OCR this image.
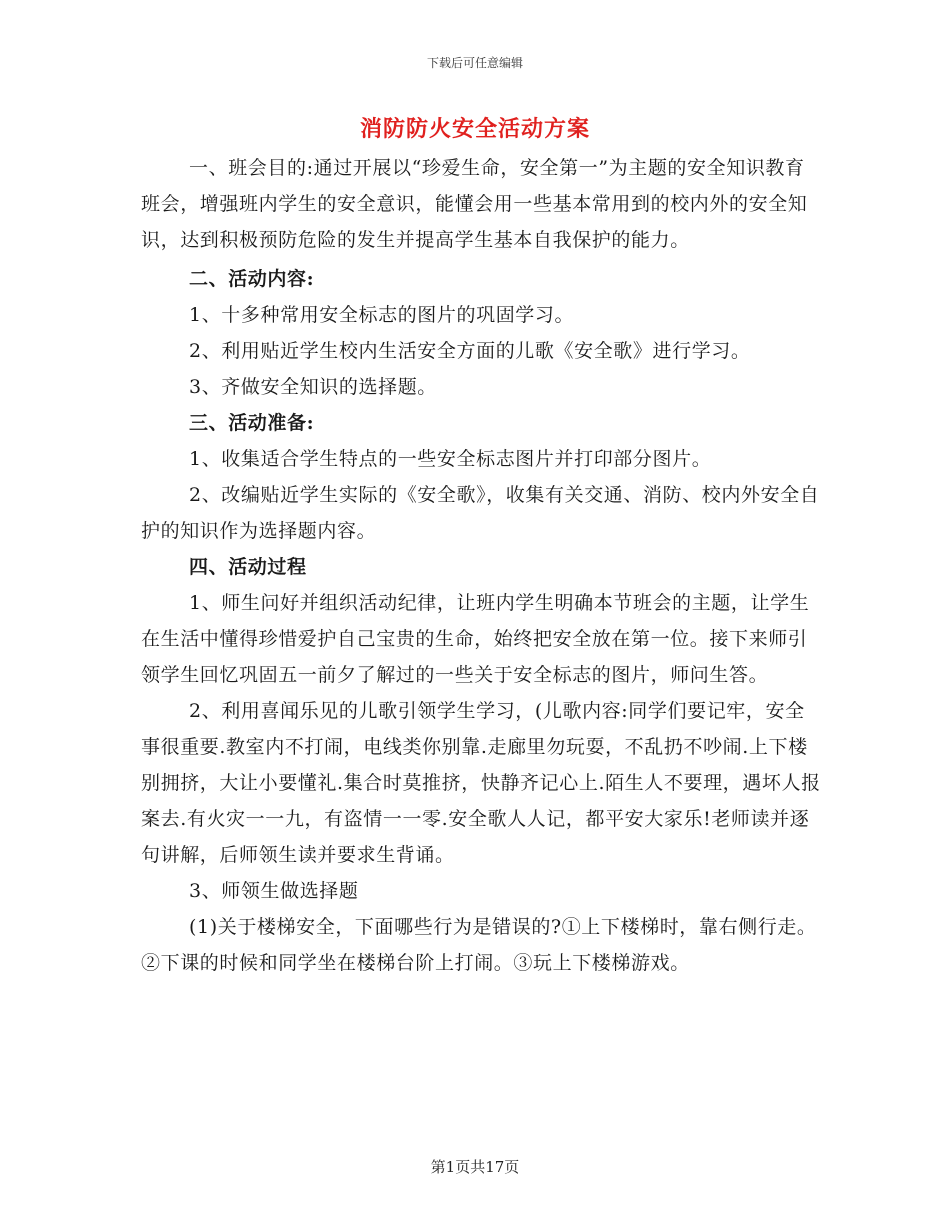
下载后可任意编辑
消防防火安全活动方案

一、班会目的:通过开展以“珍爱生命，安全第一”为主题的安全知识教育班会，增强班内学生的安全意识，能懂会用一些基本常用到的校内外的安全知识，达到积极预防危险的发生并提高学生基本自我保护的能力。

二、活动内容:

1、十多种常用安全标志的图片的巩固学习。

2、利用贴近学生校内生活安全方面的儿歌《安全歌》进行学习。

3、齐做安全知识的选择题。

三、活动准备:

1、收集适合学生特点的一些安全标志图片并打印部分图片。

2、改编贴近学生实际的《安全歌》，收集有关交通、消防、校内外安全自护的知识作为选择题内容。

四、活动过程

1、师生问好并组织活动纪律，让班内学生明确本节班会的主题，让学生在生活中懂得珍惜爱护自己宝贵的生命，始终把安全放在第一位。接下来师引领学生回忆巩固五一前夕了解过的一些关于安全标志的图片，师问生答。

2、利用喜闻乐见的儿歌引领学生学习，(儿歌内容:同学们要记牢，安全事很重要.教室内不打闹，电线类你别靠.走廊里勿玩耍，不乱扔不吵闹.上下楼别拥挤，大让小要懂礼.集合时莫推挤，快静齐记心上.陌生人不要理，遇坏人报案去.有火灾一一九，有盗情一一零.安全歌人人记，都平安大家乐!老师读并逐句讲解，后师领生读并要求生背诵。

3、师领生做选择题

(1)关于楼梯安全，下面哪些行为是错误的?①上下楼梯时，靠右侧行走。②下课的时候和同学坐在楼梯台阶上打闹。③玩上下楼梯游戏。

第1页共17页
